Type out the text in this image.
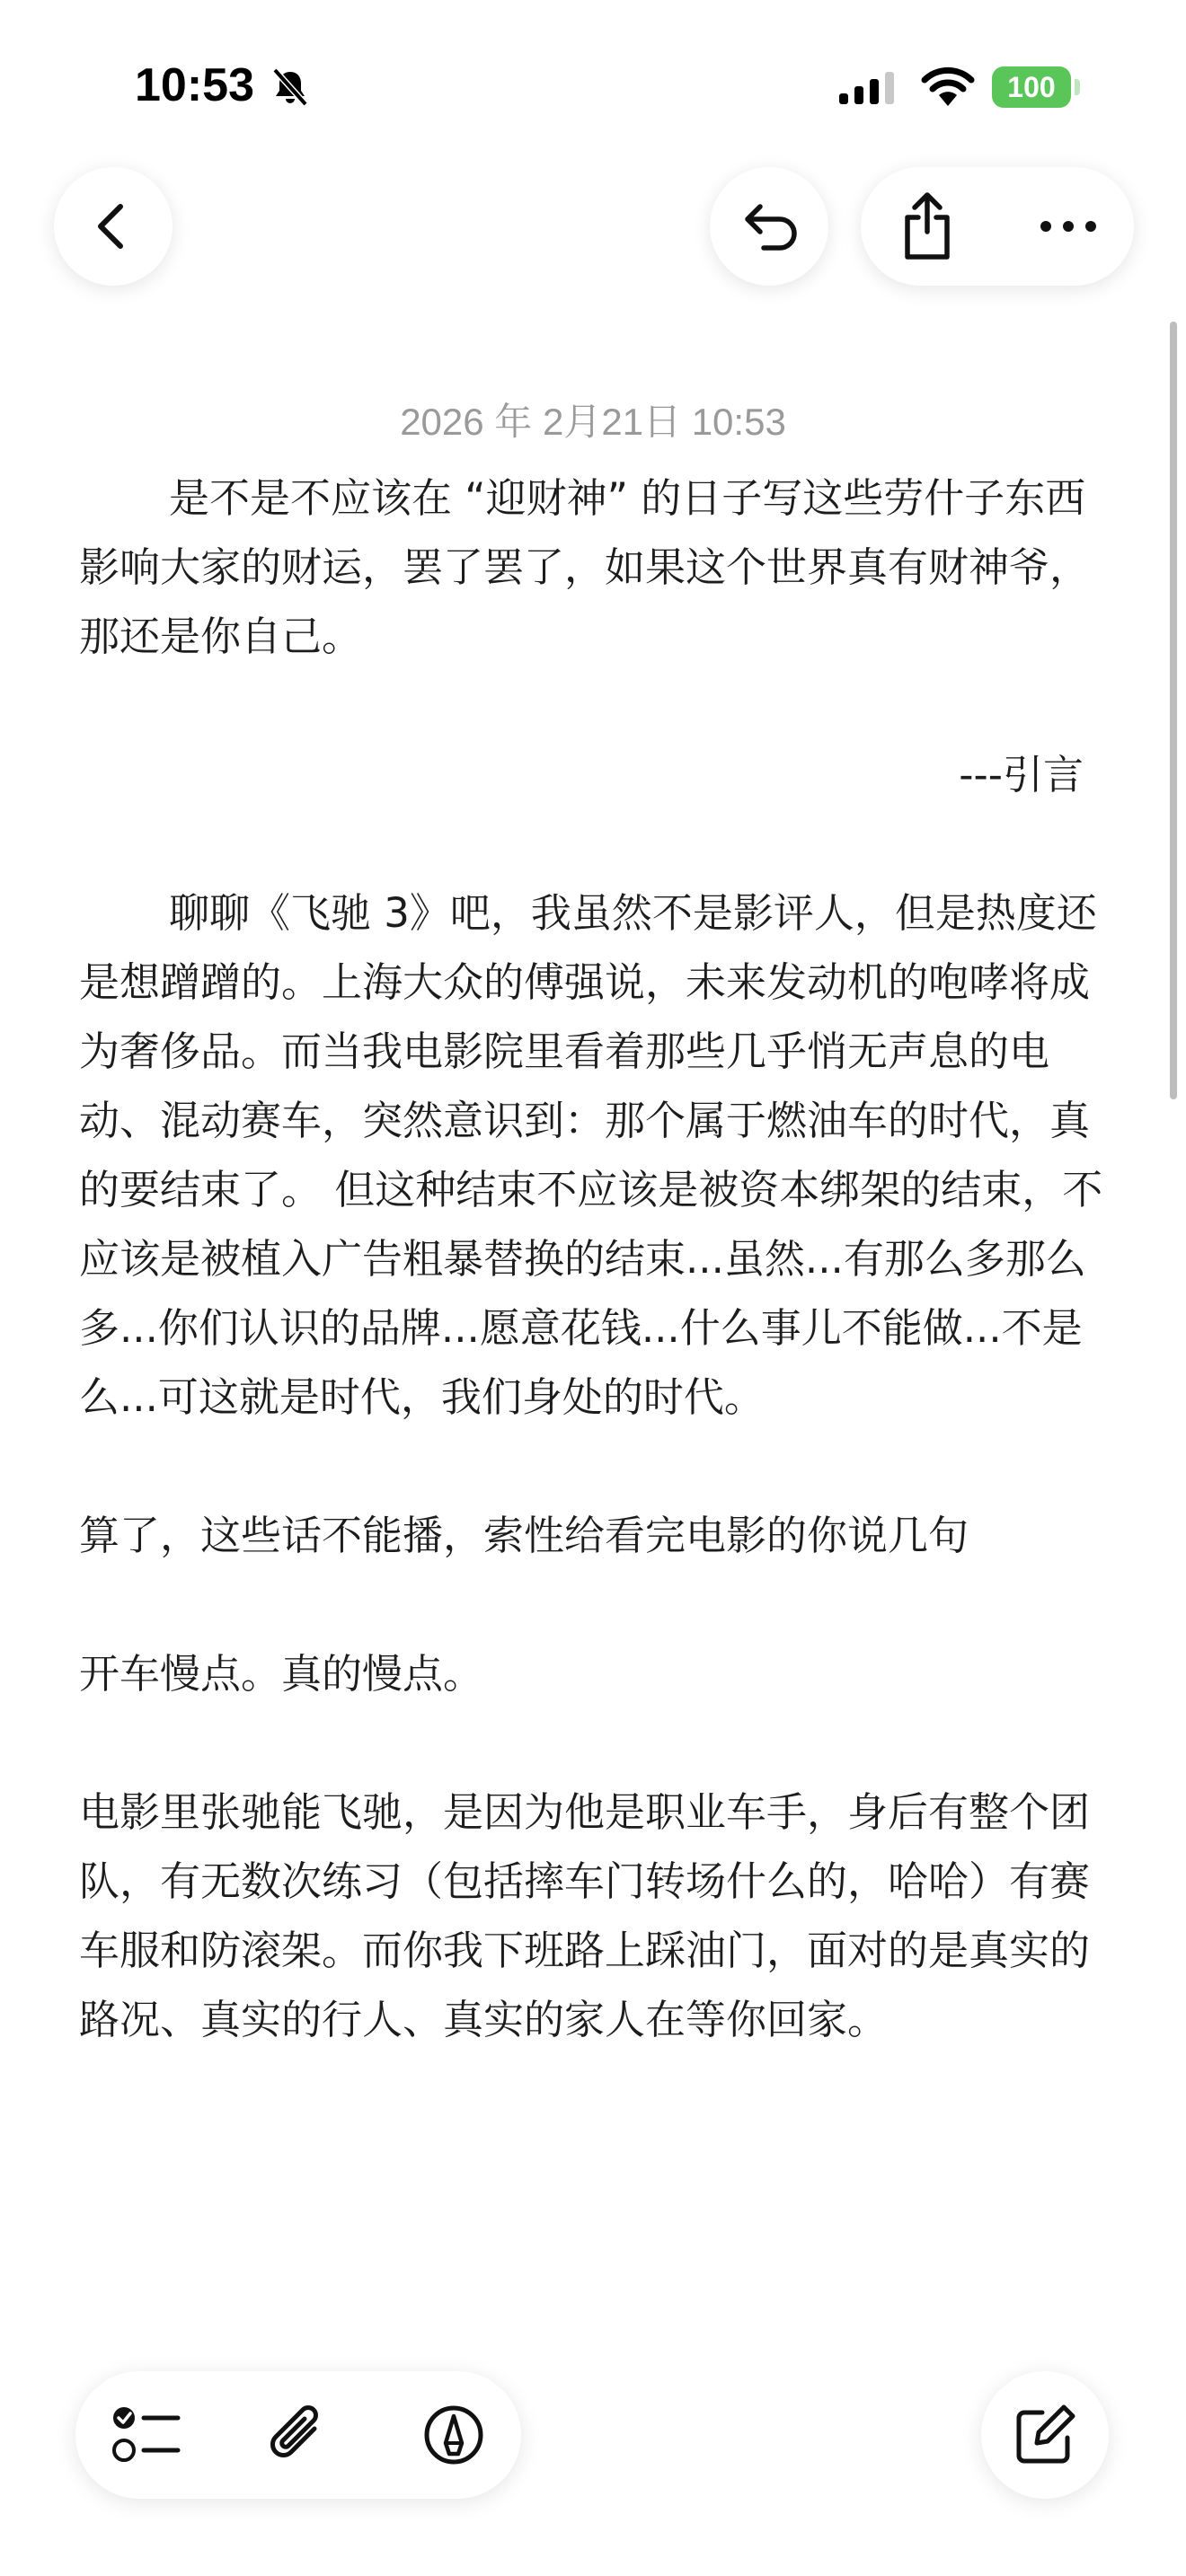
10:53	100
2026 年 2月21日 10:53

是不是不应该在 “迎财神” 的日子写这些劳什子东西影响大家的财运，罢了罢了，如果这个世界真有财神爷，那还是你自己。

---引言

聊聊《飞驰 3》吧，我虽然不是影评人，但是热度还是想蹭蹭的。上海大众的傅强说，未来发动机的咆哮将成为奢侈品。而当我电影院里看着那些几乎悄无声息的电动、混动赛车，突然意识到：那个属于燃油车的时代，真的要结束了。 但这种结束不应该是被资本绑架的结束，不应该是被植入广告粗暴替换的结束...虽然...有那么多那么多...你们认识的品牌...愿意花钱...什么事儿不能做...不是么...可这就是时代，我们身处的时代。

算了，这些话不能播，索性给看完电影的你说几句

开车慢点。真的慢点。

电影里张驰能飞驰，是因为他是职业车手，身后有整个团队，有无数次练习（包括摔车门转场什么的，哈哈）有赛车服和防滚架。而你我下班路上踩油门，面对的是真实的路况、真实的行人、真实的家人在等你回家。
